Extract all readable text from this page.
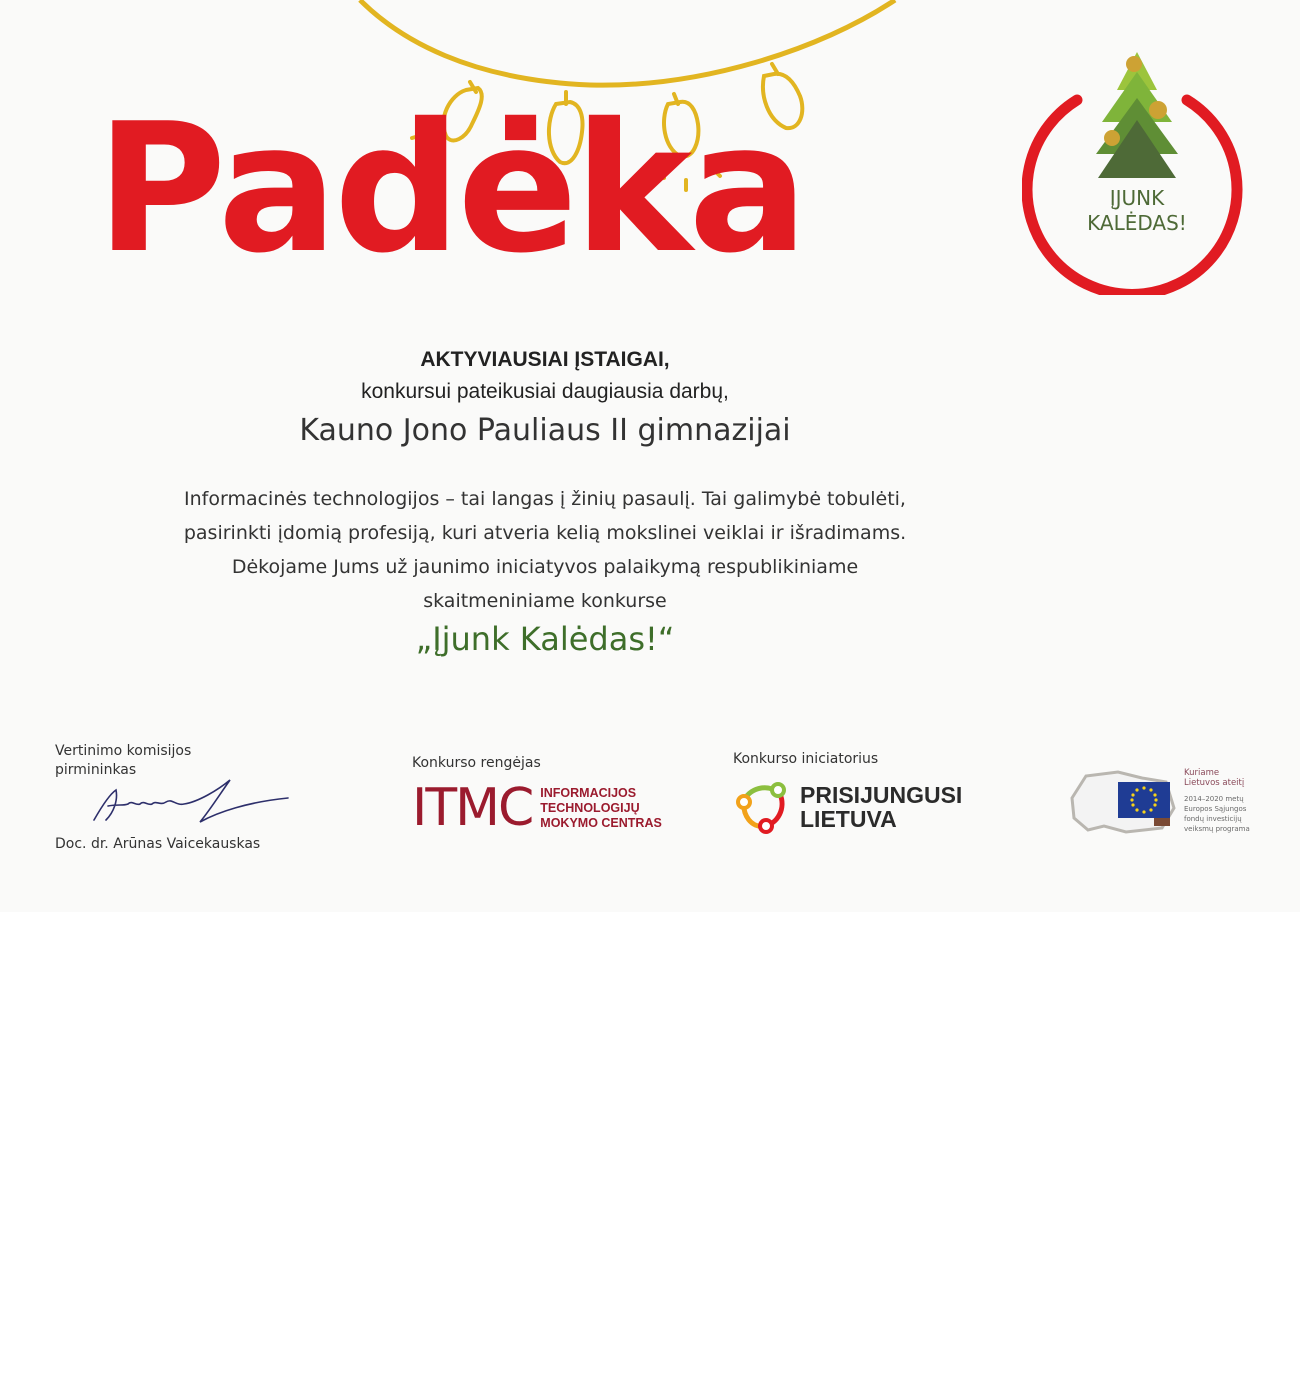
Padėka	ĮJUNK
KALĖDAS!
AKTYVIAUSIAI ĮSTAIGAI,
konkursui pateikusiai daugiausia darbų,
Kauno Jono Pauliaus II gimnazijai
Informacinės technologijos – tai langas į žinių pasaulį. Tai galimybė tobulėti,
pasirinkti įdomią profesiją, kuri atveria kelią mokslinei veiklai ir išradimams.
Dėkojame Jums už jaunimo iniciatyvos palaikymą respublikiniame
skaitmeniniame konkurse
„Įjunk Kalėdas!“
Vertinimo komisijos
pirmininkas
Doc. dr. Arūnas Vaicekauskas
Konkurso rengėjas
ITMC INFORMACIJOS
TECHNOLOGIJŲ
MOKYMO CENTRAS
Konkurso iniciatorius
PRISIJUNGUSI
LIETUVA
Kuriame
Lietuvos ateitį
2014–2020 metų
Europos Sąjungos
fondų investicijų
veiksmų programa
